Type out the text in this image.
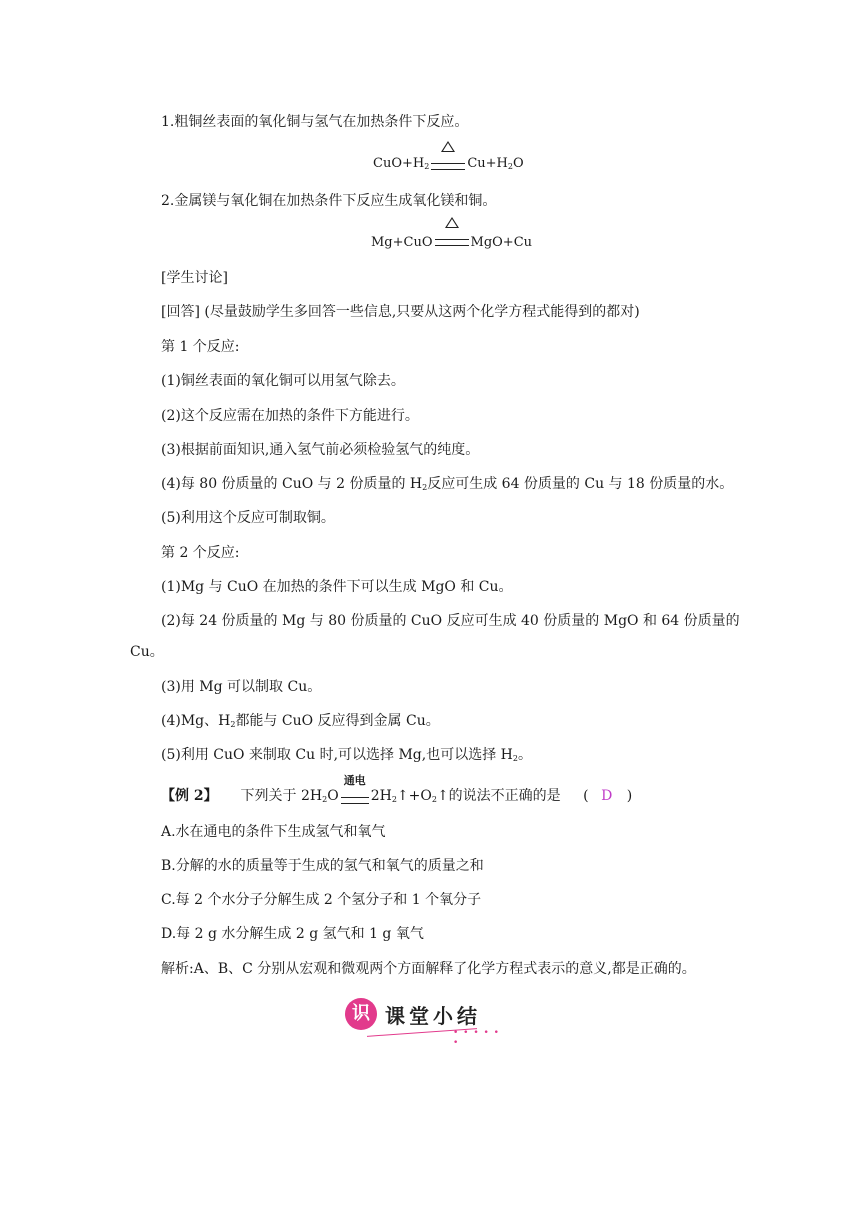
1.粗铜丝表面的氧化铜与氢气在加热条件下反应。
$CuO+H_2$	$Cu+H_2O$
2.金属镁与氧化铜在加热条件下反应生成氧化镁和铜。
Mg+CuO	MgO+Cu
[学生讨论]
[回答] (尽量鼓励学生多回答一些信息,只要从这两个化学方程式能得到的都对)
第 1 个反应:
(1)铜丝表面的氧化铜可以用氢气除去。
(2)这个反应需在加热的条件下方能进行。
(3)根据前面知识,通入氢气前必须检验氢气的纯度。
(4)每 80 份质量的 CuO 与 2 份质量的 $H_2$反应可生成 64 份质量的 Cu 与 18 份质量的水。
(5)利用这个反应可制取铜。
第 2 个反应:
(1)Mg 与 CuO 在加热的条件下可以生成 MgO 和 Cu。
(2)每 24 份质量的 Mg 与 80 份质量的 CuO 反应可生成 40 份质量的 MgO 和 64 份质量的
Cu。
(3)用 Mg 可以制取 Cu。
(4)Mg、$H_2$都能与 CuO 反应得到金属 Cu。
(5)利用 CuO 来制取 Cu 时,可以选择 Mg,也可以选择 $H_2$。
【例 2】 下列关于 $2H_2O$
通电
$2H_2↑+O_2↑$的说法不正确的是 ( D )
A.水在通电的条件下生成氢气和氧气
B.分解的水的质量等于生成的氢气和氧气的质量之和
C.每 2 个水分子分解生成 2 个氢分子和 1 个氧分子
D.每 2 g 水分解生成 2 g 氢气和 1 g 氧气
解析:A、B、C 分别从宏观和微观两个方面解释了化学方程式表示的意义,都是正确的。
识 课堂小结
• • • • • •
